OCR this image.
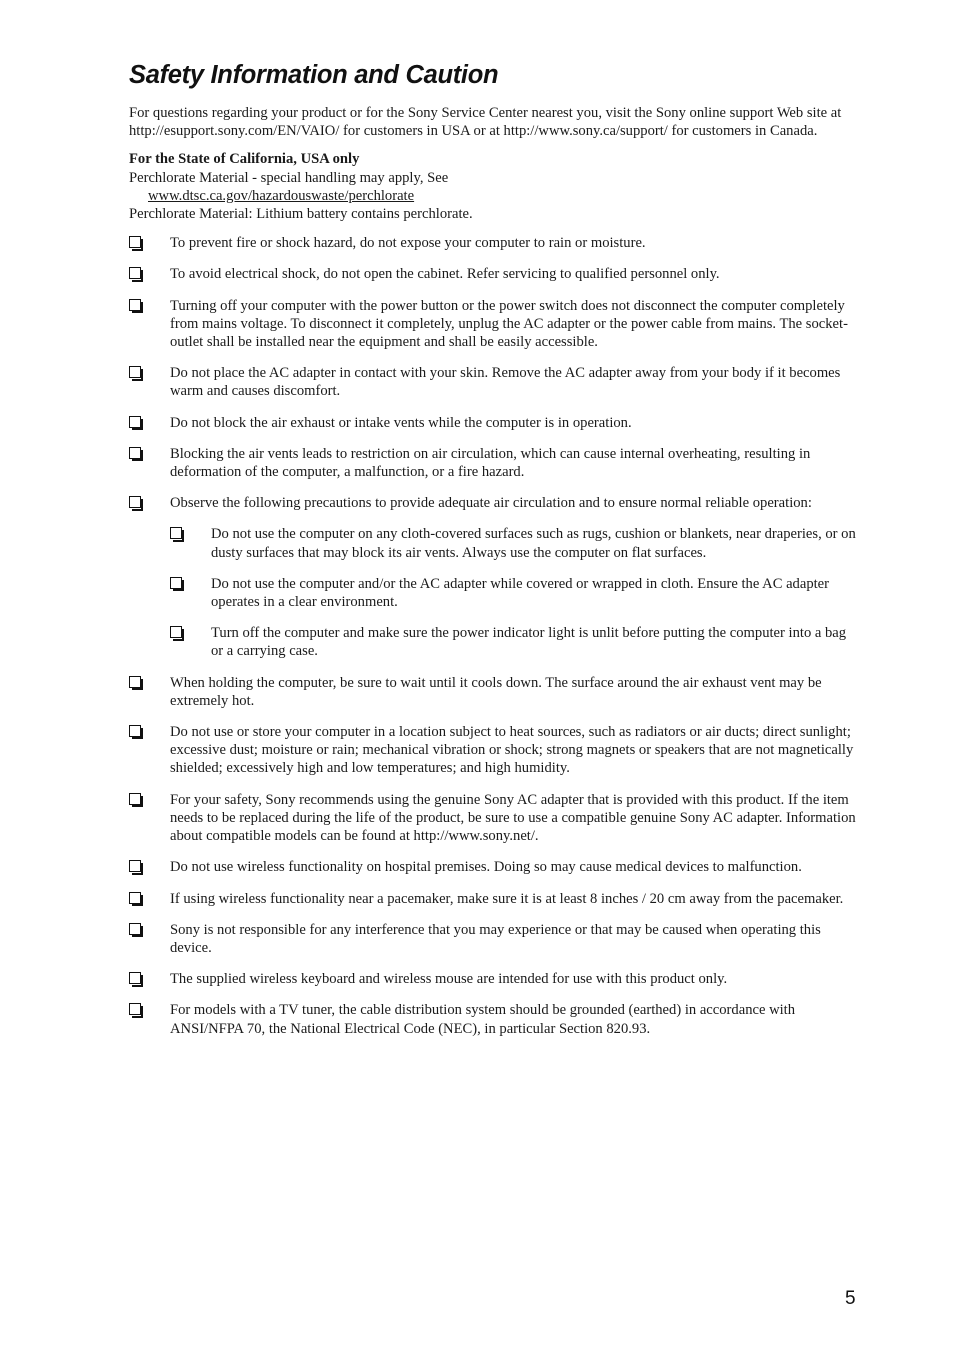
Safety Information and Caution

For questions regarding your product or for the Sony Service Center nearest you, visit the Sony online support Web site at http://esupport.sony.com/EN/VAIO/ for customers in USA or at http://www.sony.ca/support/ for customers in Canada.

For the State of California, USA only

Perchlorate Material - special handling may apply, See

www.dtsc.ca.gov/hazardouswaste/perchlorate

Perchlorate Material: Lithium battery contains perchlorate.

To prevent fire or shock hazard, do not expose your computer to rain or moisture.
To avoid electrical shock, do not open the cabinet. Refer servicing to qualified personnel only.
Turning off your computer with the power button or the power switch does not disconnect the computer completely from mains voltage. To disconnect it completely, unplug the AC adapter or the power cable from mains. The socket-outlet shall be installed near the equipment and shall be easily accessible.
Do not place the AC adapter in contact with your skin. Remove the AC adapter away from your body if it becomes warm and causes discomfort.
Do not block the air exhaust or intake vents while the computer is in operation.
Blocking the air vents leads to restriction on air circulation, which can cause internal overheating, resulting in deformation of the computer, a malfunction, or a fire hazard.
Observe the following precautions to provide adequate air circulation and to ensure normal reliable operation:
Do not use the computer on any cloth-covered surfaces such as rugs, cushion or blankets, near draperies, or on dusty surfaces that may block its air vents. Always use the computer on flat surfaces.
Do not use the computer and/or the AC adapter while covered or wrapped in cloth. Ensure the AC adapter operates in a clear environment.
Turn off the computer and make sure the power indicator light is unlit before putting the computer into a bag or a carrying case.
When holding the computer, be sure to wait until it cools down. The surface around the air exhaust vent may be extremely hot.
Do not use or store your computer in a location subject to heat sources, such as radiators or air ducts; direct sunlight; excessive dust; moisture or rain; mechanical vibration or shock; strong magnets or speakers that are not magnetically shielded; excessively high and low temperatures; and high humidity.
For your safety, Sony recommends using the genuine Sony AC adapter that is provided with this product. If the item needs to be replaced during the life of the product, be sure to use a compatible genuine Sony AC adapter. Information about compatible models can be found at http://www.sony.net/.
Do not use wireless functionality on hospital premises. Doing so may cause medical devices to malfunction.
If using wireless functionality near a pacemaker, make sure it is at least 8 inches / 20 cm away from the pacemaker.
Sony is not responsible for any interference that you may experience or that may be caused when operating this device.
The supplied wireless keyboard and wireless mouse are intended for use with this product only.
For models with a TV tuner, the cable distribution system should be grounded (earthed) in accordance with ANSI/NFPA 70, the National Electrical Code (NEC), in particular Section 820.93.
5
